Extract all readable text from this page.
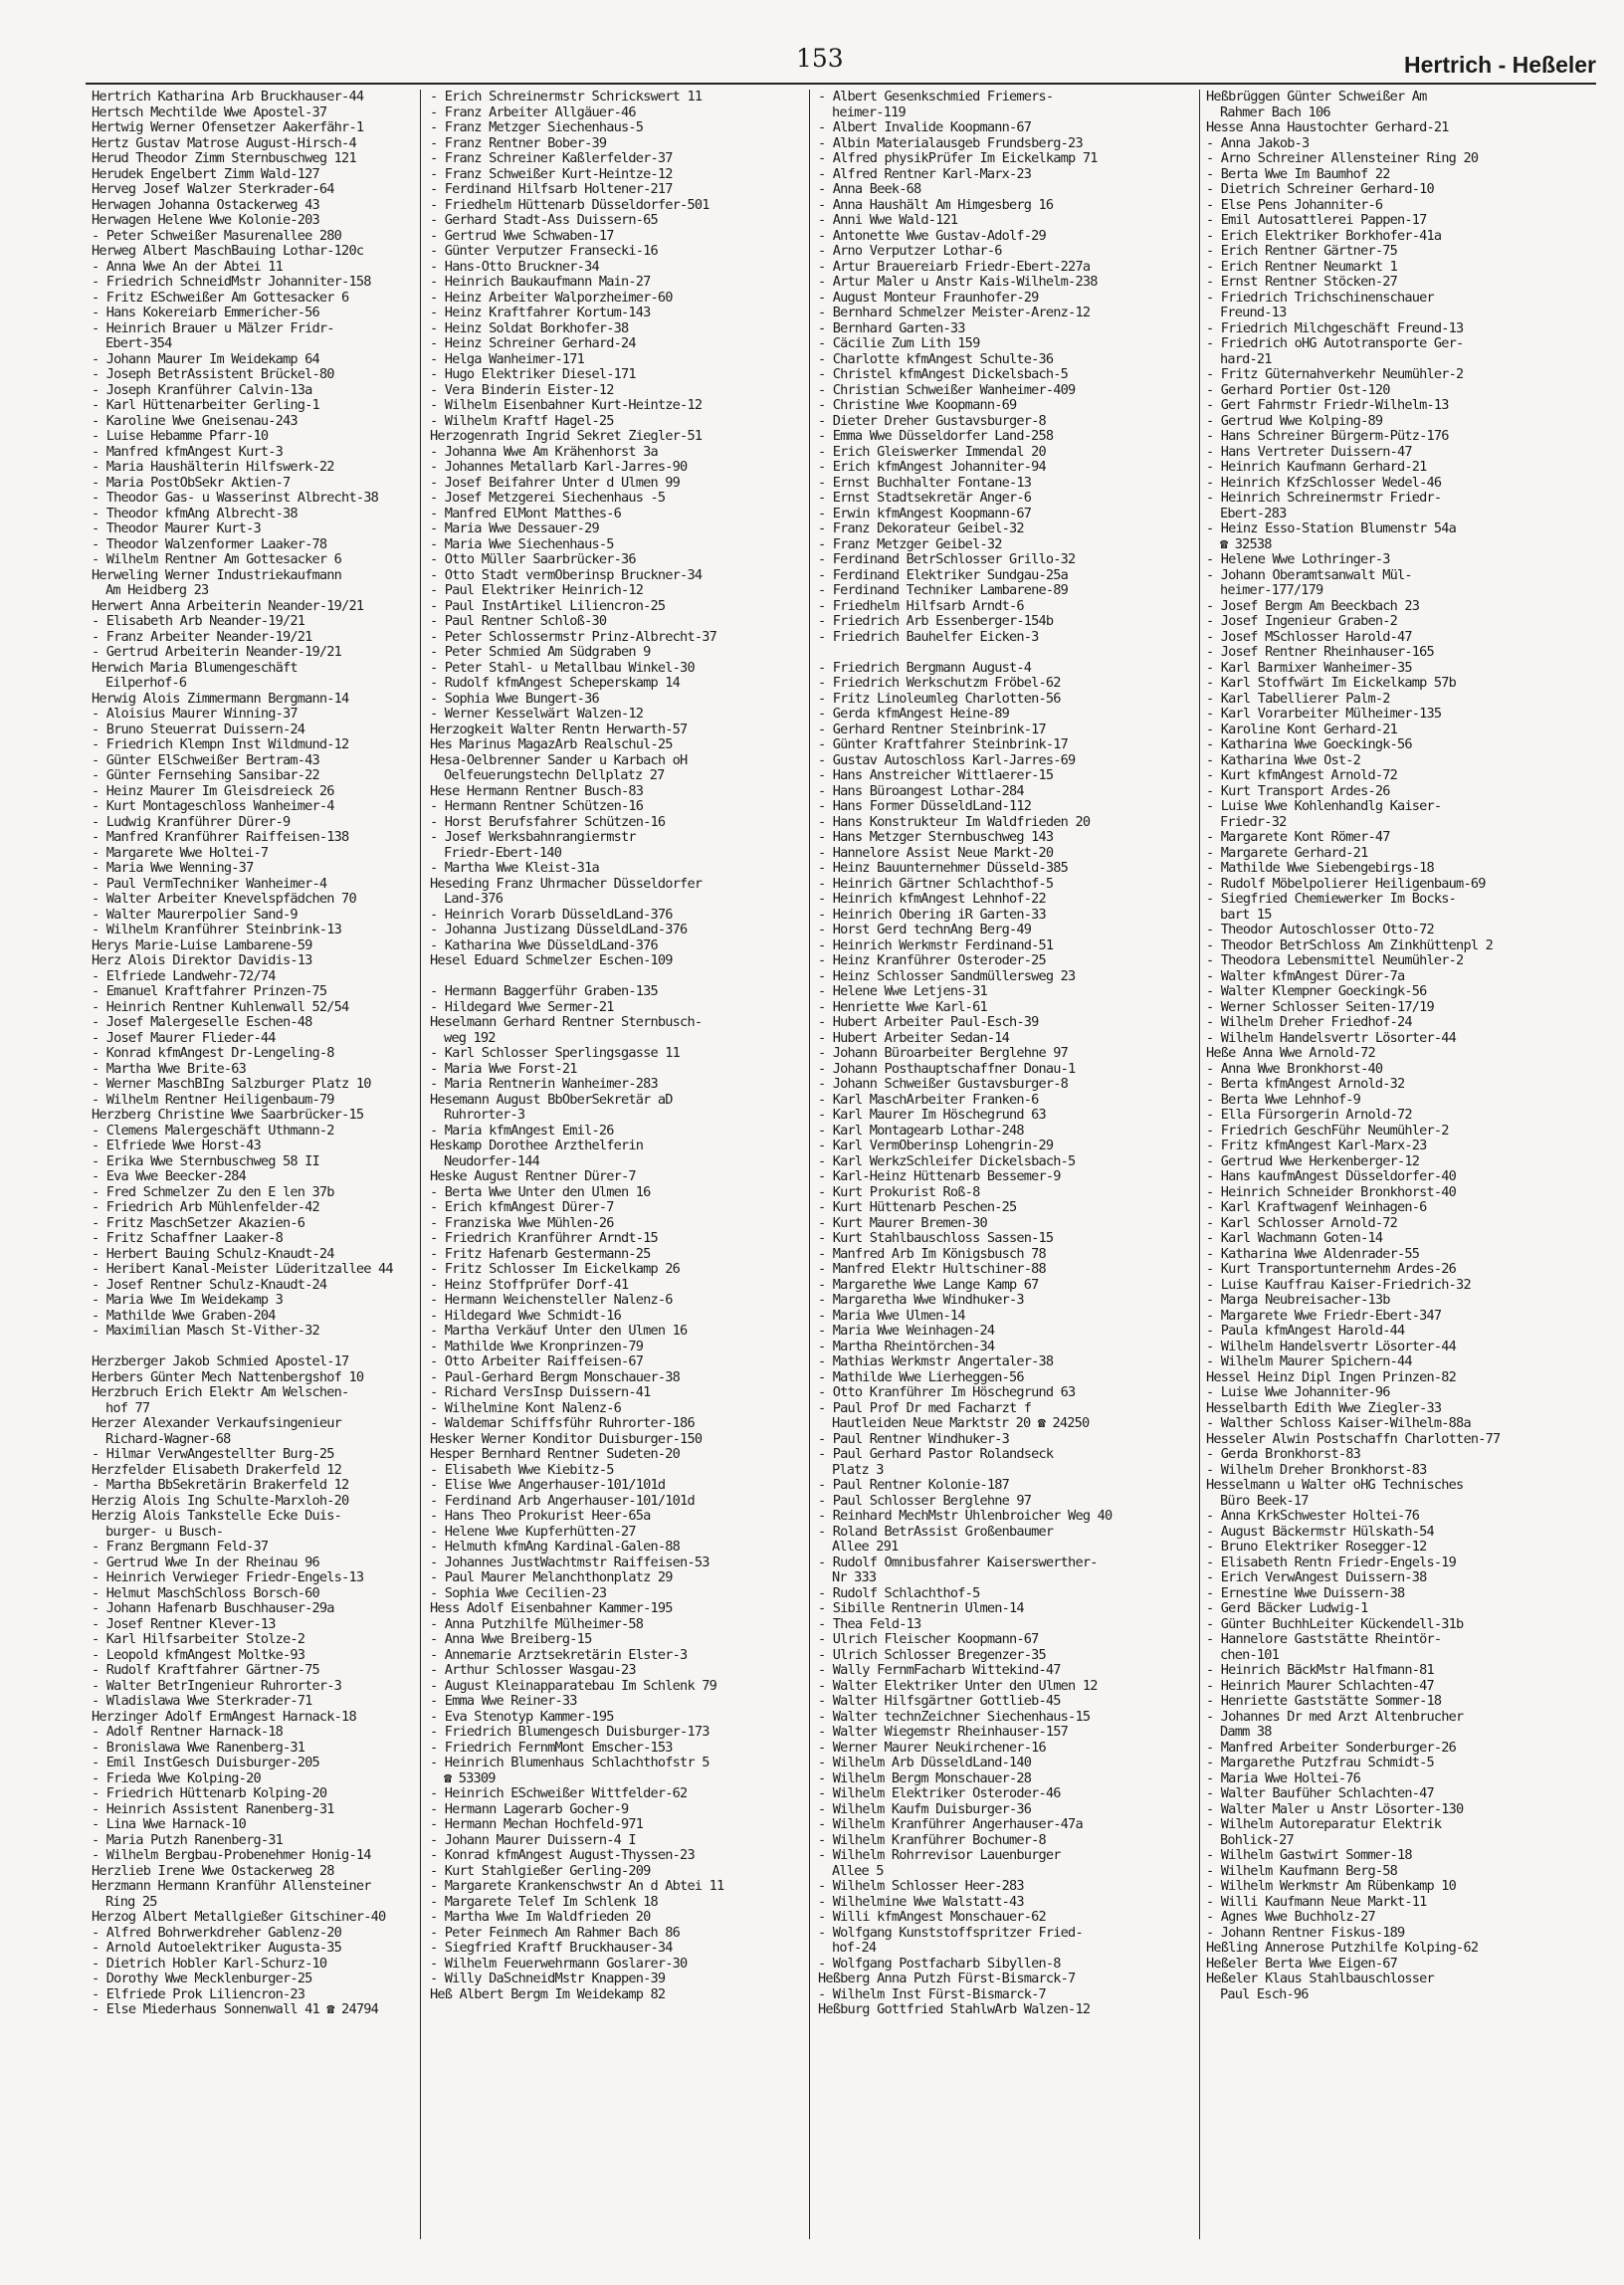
153	Hertrich - Heßeler
Hertrich Katharina Arb Bruckhauser-44
Hertsch Mechtilde Wwe Apostel-37
Hertwig Werner Ofensetzer Aakerfähr-1
Hertz Gustav Matrose August-Hirsch-4
Herud Theodor Zimm Sternbuschweg 121
Herudek Engelbert Zimm Wald-127
Herveg Josef Walzer Sterkrader-64
Herwagen Johanna Ostackerweg 43
Herwagen Helene Wwe Kolonie-203
- Peter Schweißer Masurenallee 280
Herweg Albert MaschBauing Lothar-120c
- Anna Wwe An der Abtei 11
- Friedrich SchneidMstr Johanniter-158
- Fritz ESchweißer Am Gottesacker 6
- Hans Kokereiarb Emmericher-56
- Heinrich Brauer u Mälzer Fridr-
Ebert-354
- Johann Maurer Im Weidekamp 64
- Joseph BetrAssistent Brückel-80
- Joseph Kranführer Calvin-13a
- Karl Hüttenarbeiter Gerling-1
- Karoline Wwe Gneisenau-243
- Luise Hebamme Pfarr-10
- Manfred kfmAngest Kurt-3
- Maria Haushälterin Hilfswerk-22
- Maria PostObSekr Aktien-7
- Theodor Gas- u Wasserinst Albrecht-38
- Theodor kfmAng Albrecht-38
- Theodor Maurer Kurt-3
- Theodor Walzenformer Laaker-78
- Wilhelm Rentner Am Gottesacker 6
Herweling Werner Industriekaufmann
Am Heidberg 23
Herwert Anna Arbeiterin Neander-19/21
- Elisabeth Arb Neander-19/21
- Franz Arbeiter Neander-19/21
- Gertrud Arbeiterin Neander-19/21
Herwich Maria Blumengeschäft
Eilperhof-6
Herwig Alois Zimmermann Bergmann-14
- Aloisius Maurer Winning-37
- Bruno Steuerrat Duissern-24
- Friedrich Klempn Inst Wildmund-12
- Günter ElSchweißer Bertram-43
- Günter Fernsehing Sansibar-22
- Heinz Maurer Im Gleisdreieck 26
- Kurt Montageschloss Wanheimer-4
- Ludwig Kranführer Dürer-9
- Manfred Kranführer Raiffeisen-138
- Margarete Wwe Holtei-7
- Maria Wwe Wenning-37
- Paul VermTechniker Wanheimer-4
- Walter Arbeiter Knevelspfädchen 70
- Walter Maurerpolier Sand-9
- Wilhelm Kranführer Steinbrink-13
Herys Marie-Luise Lambarene-59
Herz Alois Direktor Davidis-13
- Elfriede Landwehr-72/74
- Emanuel Kraftfahrer Prinzen-75
- Heinrich Rentner Kuhlenwall 52/54
- Josef Malergeselle Eschen-48
- Josef Maurer Flieder-44
- Konrad kfmAngest Dr-Lengeling-8
- Martha Wwe Brite-63
- Werner MaschBIng Salzburger Platz 10
- Wilhelm Rentner Heiligenbaum-79
Herzberg Christine Wwe Saarbrücker-15
- Clemens Malergeschäft Uthmann-2
- Elfriede Wwe Horst-43
- Erika Wwe Sternbuschweg 58 II
- Eva Wwe Beecker-284
- Fred Schmelzer Zu den E len 37b
- Friedrich Arb Mühlenfelder-42
- Fritz MaschSetzer Akazien-6
- Fritz Schaffner Laaker-8
- Herbert Bauing Schulz-Knaudt-24
- Heribert Kanal-Meister Lüderitzallee 44
- Josef Rentner Schulz-Knaudt-24
- Maria Wwe Im Weidekamp 3
- Mathilde Wwe Graben-204
- Maximilian Masch St-Vither-32
Herzberger Jakob Schmied Apostel-17
Herbers Günter Mech Nattenbergshof 10
Herzbruch Erich Elektr Am Welschen-
hof 77
Herzer Alexander Verkaufsingenieur
Richard-Wagner-68
- Hilmar VerwAngestellter Burg-25
Herzfelder Elisabeth Drakerfeld 12
- Martha BbSekretärin Brakerfeld 12
Herzig Alois Ing Schulte-Marxloh-20
Herzig Alois Tankstelle Ecke Duis-
burger- u Busch-
- Franz Bergmann Feld-37
- Gertrud Wwe In der Rheinau 96
- Heinrich Verwieger Friedr-Engels-13
- Helmut MaschSchloss Borsch-60
- Johann Hafenarb Buschhauser-29a
- Josef Rentner Klever-13
- Karl Hilfsarbeiter Stolze-2
- Leopold kfmAngest Moltke-93
- Rudolf Kraftfahrer Gärtner-75
- Walter BetrIngenieur Ruhrorter-3
- Wladislawa Wwe Sterkrader-71
Herzinger Adolf ErmAngest Harnack-18
- Adolf Rentner Harnack-18
- Bronislawa Wwe Ranenberg-31
- Emil InstGesch Duisburger-205
- Frieda Wwe Kolping-20
- Friedrich Hüttenarb Kolping-20
- Heinrich Assistent Ranenberg-31
- Lina Wwe Harnack-10
- Maria Putzh Ranenberg-31
- Wilhelm Bergbau-Probenehmer Honig-14
Herzlieb Irene Wwe Ostackerweg 28
Herzmann Hermann Kranführ Allensteiner
Ring 25
Herzog Albert Metallgießer Gitschiner-40
- Alfred Bohrwerkdreher Gablenz-20
- Arnold Autoelektriker Augusta-35
- Dietrich Hobler Karl-Schurz-10
- Dorothy Wwe Mecklenburger-25
- Elfriede Prok Liliencron-23
- Else Miederhaus Sonnenwall 41 ☎ 24794
- Erich Schreinermstr Schrickswert 11
- Franz Arbeiter Allgäuer-46
- Franz Metzger Siechenhaus-5
- Franz Rentner Bober-39
- Franz Schreiner Kaßlerfelder-37
- Franz Schweißer Kurt-Heintze-12
- Ferdinand Hilfsarb Holtener-217
- Friedhelm Hüttenarb Düsseldorfer-501
- Gerhard Stadt-Ass Duissern-65
- Gertrud Wwe Schwaben-17
- Günter Verputzer Fransecki-16
- Hans-Otto Bruckner-34
- Heinrich Baukaufmann Main-27
- Heinz Arbeiter Walporzheimer-60
- Heinz Kraftfahrer Kortum-143
- Heinz Soldat Borkhofer-38
- Heinz Schreiner Gerhard-24
- Helga Wanheimer-171
- Hugo Elektriker Diesel-171
- Vera Binderin Eister-12
- Wilhelm Eisenbahner Kurt-Heintze-12
- Wilhelm Kraftf Hagel-25
Herzogenrath Ingrid Sekret Ziegler-51
- Johanna Wwe Am Krähenhorst 3a
- Johannes Metallarb Karl-Jarres-90
- Josef Beifahrer Unter d Ulmen 99
- Josef Metzgerei Siechenhaus -5
- Manfred ElMont Matthes-6
- Maria Wwe Dessauer-29
- Maria Wwe Siechenhaus-5
- Otto Müller Saarbrücker-36
- Otto Stadt vermOberinsp Bruckner-34
- Paul Elektriker Heinrich-12
- Paul InstArtikel Liliencron-25
- Paul Rentner Schloß-30
- Peter Schlossermstr Prinz-Albrecht-37
- Peter Schmied Am Südgraben 9
- Peter Stahl- u Metallbau Winkel-30
- Rudolf kfmAngest Scheperskamp 14
- Sophia Wwe Bungert-36
- Werner Kesselwärt Walzen-12
Herzogkeit Walter Rentn Herwarth-57
Hes Marinus MagazArb Realschul-25
Hesa-Oelbrenner Sander u Karbach oH
Oelfeuerungstechn Dellplatz 27
Hese Hermann Rentner Busch-83
- Hermann Rentner Schützen-16
- Horst Berufsfahrer Schützen-16
- Josef Werksbahnrangiermstr
Friedr-Ebert-140
- Martha Wwe Kleist-31a
Heseding Franz Uhrmacher Düsseldorfer
Land-376
- Heinrich Vorarb DüsseldLand-376
- Johanna Justizang DüsseldLand-376
- Katharina Wwe DüsseldLand-376
Hesel Eduard Schmelzer Eschen-109
- Hermann Baggerführ Graben-135
- Hildegard Wwe Sermer-21
Heselmann Gerhard Rentner Sternbusch-
weg 192
- Karl Schlosser Sperlingsgasse 11
- Maria Wwe Forst-21
- Maria Rentnerin Wanheimer-283
Hesemann August BbOberSekretär aD
Ruhrorter-3
- Maria kfmAngest Emil-26
Heskamp Dorothee Arzthelferin
Neudorfer-144
Heske August Rentner Dürer-7
- Berta Wwe Unter den Ulmen 16
- Erich kfmAngest Dürer-7
- Franziska Wwe Mühlen-26
- Friedrich Kranführer Arndt-15
- Fritz Hafenarb Gestermann-25
- Fritz Schlosser Im Eickelkamp 26
- Heinz Stoffprüfer Dorf-41
- Hermann Weichensteller Nalenz-6
- Hildegard Wwe Schmidt-16
- Martha Verkäuf Unter den Ulmen 16
- Mathilde Wwe Kronprinzen-79
- Otto Arbeiter Raiffeisen-67
- Paul-Gerhard Bergm Monschauer-38
- Richard VersInsp Duissern-41
- Wilhelmine Kont Nalenz-6
- Waldemar Schiffsführ Ruhrorter-186
Hesker Werner Konditor Duisburger-150
Hesper Bernhard Rentner Sudeten-20
- Elisabeth Wwe Kiebitz-5
- Elise Wwe Angerhauser-101/101d
- Ferdinand Arb Angerhauser-101/101d
- Hans Theo Prokurist Heer-65a
- Helene Wwe Kupferhütten-27
- Helmuth kfmAng Kardinal-Galen-88
- Johannes JustWachtmstr Raiffeisen-53
- Paul Maurer Melanchthonplatz 29
- Sophia Wwe Cecilien-23
Hess Adolf Eisenbahner Kammer-195
- Anna Putzhilfe Mülheimer-58
- Anna Wwe Breiberg-15
- Annemarie Arztsekretärin Elster-3
- Arthur Schlosser Wasgau-23
- August Kleinapparatebau Im Schlenk 79
- Emma Wwe Reiner-33
- Eva Stenotyp Kammer-195
- Friedrich Blumengesch Duisburger-173
- Friedrich FernmMont Emscher-153
- Heinrich Blumenhaus Schlachthofstr 5
☎ 53309
- Heinrich ESchweißer Wittfelder-62
- Hermann Lagerarb Gocher-9
- Hermann Mechan Hochfeld-971
- Johann Maurer Duissern-4 I
- Konrad kfmAngest August-Thyssen-23
- Kurt Stahlgießer Gerling-209
- Margarete Krankenschwstr An d Abtei 11
- Margarete Telef Im Schlenk 18
- Martha Wwe Im Waldfrieden 20
- Peter Feinmech Am Rahmer Bach 86
- Siegfried Kraftf Bruckhauser-34
- Wilhelm Feuerwehrmann Goslarer-30
- Willy DaSchneidMstr Knappen-39
Heß Albert Bergm Im Weidekamp 82
- Albert Gesenkschmied Friemers-
heimer-119
- Albert Invalide Koopmann-67
- Albin Materialausgeb Frundsberg-23
- Alfred physikPrüfer Im Eickelkamp 71
- Alfred Rentner Karl-Marx-23
- Anna Beek-68
- Anna Haushält Am Himgesberg 16
- Anni Wwe Wald-121
- Antonette Wwe Gustav-Adolf-29
- Arno Verputzer Lothar-6
- Artur Brauereiarb Friedr-Ebert-227a
- Artur Maler u Anstr Kais-Wilhelm-238
- August Monteur Fraunhofer-29
- Bernhard Schmelzer Meister-Arenz-12
- Bernhard Garten-33
- Cäcilie Zum Lith 159
- Charlotte kfmAngest Schulte-36
- Christel kfmAngest Dickelsbach-5
- Christian Schweißer Wanheimer-409
- Christine Wwe Koopmann-69
- Dieter Dreher Gustavsburger-8
- Emma Wwe Düsseldorfer Land-258
- Erich Gleiswerker Immendal 20
- Erich kfmAngest Johanniter-94
- Ernst Buchhalter Fontane-13
- Ernst Stadtsekretär Anger-6
- Erwin kfmAngest Koopmann-67
- Franz Dekorateur Geibel-32
- Franz Metzger Geibel-32
- Ferdinand BetrSchlosser Grillo-32
- Ferdinand Elektriker Sundgau-25a
- Ferdinand Techniker Lambarene-89
- Friedhelm Hilfsarb Arndt-6
- Friedrich Arb Essenberger-154b
- Friedrich Bauhelfer Eicken-3
- Friedrich Bergmann August-4
- Friedrich Werkschutzm Fröbel-62
- Fritz Linoleumleg Charlotten-56
- Gerda kfmAngest Heine-89
- Gerhard Rentner Steinbrink-17
- Günter Kraftfahrer Steinbrink-17
- Gustav Autoschloss Karl-Jarres-69
- Hans Anstreicher Wittlaerer-15
- Hans Büroangest Lothar-284
- Hans Former DüsseldLand-112
- Hans Konstrukteur Im Waldfrieden 20
- Hans Metzger Sternbuschweg 143
- Hannelore Assist Neue Markt-20
- Heinz Bauunternehmer Düsseld-385
- Heinrich Gärtner Schlachthof-5
- Heinrich kfmAngest Lehnhof-22
- Heinrich Obering iR Garten-33
- Horst Gerd technAng Berg-49
- Heinrich Werkmstr Ferdinand-51
- Heinz Kranführer Osteroder-25
- Heinz Schlosser Sandmüllersweg 23
- Helene Wwe Letjens-31
- Henriette Wwe Karl-61
- Hubert Arbeiter Paul-Esch-39
- Hubert Arbeiter Sedan-14
- Johann Büroarbeiter Berglehne 97
- Johann Posthauptschaffner Donau-1
- Johann Schweißer Gustavsburger-8
- Karl MaschArbeiter Franken-6
- Karl Maurer Im Höschegrund 63
- Karl Montagearb Lothar-248
- Karl VermOberinsp Lohengrin-29
- Karl WerkzSchleifer Dickelsbach-5
- Karl-Heinz Hüttenarb Bessemer-9
- Kurt Prokurist Roß-8
- Kurt Hüttenarb Peschen-25
- Kurt Maurer Bremen-30
- Kurt Stahlbauschloss Sassen-15
- Manfred Arb Im Königsbusch 78
- Manfred Elektr Hultschiner-88
- Margarethe Wwe Lange Kamp 67
- Margaretha Wwe Windhuker-3
- Maria Wwe Ulmen-14
- Maria Wwe Weinhagen-24
- Martha Rheintörchen-34
- Mathias Werkmstr Angertaler-38
- Mathilde Wwe Lierheggen-56
- Otto Kranführer Im Höschegrund 63
- Paul Prof Dr med Facharzt f
Hautleiden Neue Marktstr 20 ☎ 24250
- Paul Rentner Windhuker-3
- Paul Gerhard Pastor Rolandseck
Platz 3
- Paul Rentner Kolonie-187
- Paul Schlosser Berglehne 97
- Reinhard MechMstr Uhlenbroicher Weg 40
- Roland BetrAssist Großenbaumer
Allee 291
- Rudolf Omnibusfahrer Kaiserswerther-
Nr 333
- Rudolf Schlachthof-5
- Sibille Rentnerin Ulmen-14
- Thea Feld-13
- Ulrich Fleischer Koopmann-67
- Ulrich Schlosser Bregenzer-35
- Wally FernmFacharb Wittekind-47
- Walter Elektriker Unter den Ulmen 12
- Walter Hilfsgärtner Gottlieb-45
- Walter technZeichner Siechenhaus-15
- Walter Wiegemstr Rheinhauser-157
- Werner Maurer Neukirchener-16
- Wilhelm Arb DüsseldLand-140
- Wilhelm Bergm Monschauer-28
- Wilhelm Elektriker Osteroder-46
- Wilhelm Kaufm Duisburger-36
- Wilhelm Kranführer Angerhauser-47a
- Wilhelm Kranführer Bochumer-8
- Wilhelm Rohrrevisor Lauenburger
Allee 5
- Wilhelm Schlosser Heer-283
- Wilhelmine Wwe Walstatt-43
- Willi kfmAngest Monschauer-62
- Wolfgang Kunststoffspritzer Fried-
hof-24
- Wolfgang Postfacharb Sibyllen-8
Heßberg Anna Putzh Fürst-Bismarck-7
- Wilhelm Inst Fürst-Bismarck-7
Heßburg Gottfried StahlwArb Walzen-12
Heßbrüggen Günter Schweißer Am
Rahmer Bach 106
Hesse Anna Haustochter Gerhard-21
- Anna Jakob-3
- Arno Schreiner Allensteiner Ring 20
- Berta Wwe Im Baumhof 22
- Dietrich Schreiner Gerhard-10
- Else Pens Johanniter-6
- Emil Autosattlerei Pappen-17
- Erich Elektriker Borkhofer-41a
- Erich Rentner Gärtner-75
- Erich Rentner Neumarkt 1
- Ernst Rentner Stöcken-27
- Friedrich Trichschinenschauer
Freund-13
- Friedrich Milchgeschäft Freund-13
- Friedrich oHG Autotransporte Ger-
hard-21
- Fritz Güternahverkehr Neumühler-2
- Gerhard Portier Ost-120
- Gert Fahrmstr Friedr-Wilhelm-13
- Gertrud Wwe Kolping-89
- Hans Schreiner Bürgerm-Pütz-176
- Hans Vertreter Duissern-47
- Heinrich Kaufmann Gerhard-21
- Heinrich KfzSchlosser Wedel-46
- Heinrich Schreinermstr Friedr-
Ebert-283
- Heinz Esso-Station Blumenstr 54a
☎ 32538
- Helene Wwe Lothringer-3
- Johann Oberamtsanwalt Mül-
heimer-177/179
- Josef Bergm Am Beeckbach 23
- Josef Ingenieur Graben-2
- Josef MSchlosser Harold-47
- Josef Rentner Rheinhauser-165
- Karl Barmixer Wanheimer-35
- Karl Stoffwärt Im Eickelkamp 57b
- Karl Tabellierer Palm-2
- Karl Vorarbeiter Mülheimer-135
- Karoline Kont Gerhard-21
- Katharina Wwe Goeckingk-56
- Katharina Wwe Ost-2
- Kurt kfmAngest Arnold-72
- Kurt Transport Ardes-26
- Luise Wwe Kohlenhandlg Kaiser-
Friedr-32
- Margarete Kont Römer-47
- Margarete Gerhard-21
- Mathilde Wwe Siebengebirgs-18
- Rudolf Möbelpolierer Heiligenbaum-69
- Siegfried Chemiewerker Im Bocks-
bart 15
- Theodor Autoschlosser Otto-72
- Theodor BetrSchloss Am Zinkhüttenpl 2
- Theodora Lebensmittel Neumühler-2
- Walter kfmAngest Dürer-7a
- Walter Klempner Goeckingk-56
- Werner Schlosser Seiten-17/19
- Wilhelm Dreher Friedhof-24
- Wilhelm Handelsvertr Lösorter-44
Heße Anna Wwe Arnold-72
- Anna Wwe Bronkhorst-40
- Berta kfmAngest Arnold-32
- Berta Wwe Lehnhof-9
- Ella Fürsorgerin Arnold-72
- Friedrich GeschFühr Neumühler-2
- Fritz kfmAngest Karl-Marx-23
- Gertrud Wwe Herkenberger-12
- Hans kaufmAngest Düsseldorfer-40
- Heinrich Schneider Bronkhorst-40
- Karl Kraftwagenf Weinhagen-6
- Karl Schlosser Arnold-72
- Karl Wachmann Goten-14
- Katharina Wwe Aldenrader-55
- Kurt Transportunternehm Ardes-26
- Luise Kauffrau Kaiser-Friedrich-32
- Marga Neubreisacher-13b
- Margarete Wwe Friedr-Ebert-347
- Paula kfmAngest Harold-44
- Wilhelm Handelsvertr Lösorter-44
- Wilhelm Maurer Spichern-44
Hessel Heinz Dipl Ingen Prinzen-82
- Luise Wwe Johanniter-96
Hesselbarth Edith Wwe Ziegler-33
- Walther Schloss Kaiser-Wilhelm-88a
Hesseler Alwin Postschaffn Charlotten-77
- Gerda Bronkhorst-83
- Wilhelm Dreher Bronkhorst-83
Hesselmann u Walter oHG Technisches
Büro Beek-17
- Anna KrkSchwester Holtei-76
- August Bäckermstr Hülskath-54
- Bruno Elektriker Rosegger-12
- Elisabeth Rentn Friedr-Engels-19
- Erich VerwAngest Duissern-38
- Ernestine Wwe Duissern-38
- Gerd Bäcker Ludwig-1
- Günter BuchhLeiter Kückendell-31b
- Hannelore Gaststätte Rheintör-
chen-101
- Heinrich BäckMstr Halfmann-81
- Heinrich Maurer Schlachten-47
- Henriette Gaststätte Sommer-18
- Johannes Dr med Arzt Altenbrucher
Damm 38
- Manfred Arbeiter Sonderburger-26
- Margarethe Putzfrau Schmidt-5
- Maria Wwe Holtei-76
- Walter Baufüher Schlachten-47
- Walter Maler u Anstr Lösorter-130
- Wilhelm Autoreparatur Elektrik
Bohlick-27
- Wilhelm Gastwirt Sommer-18
- Wilhelm Kaufmann Berg-58
- Wilhelm Werkmstr Am Rübenkamp 10
- Willi Kaufmann Neue Markt-11
- Agnes Wwe Buchholz-27
- Johann Rentner Fiskus-189
Heßling Annerose Putzhilfe Kolping-62
Heßeler Berta Wwe Eigen-67
Heßeler Klaus Stahlbauschlosser
Paul Esch-96
